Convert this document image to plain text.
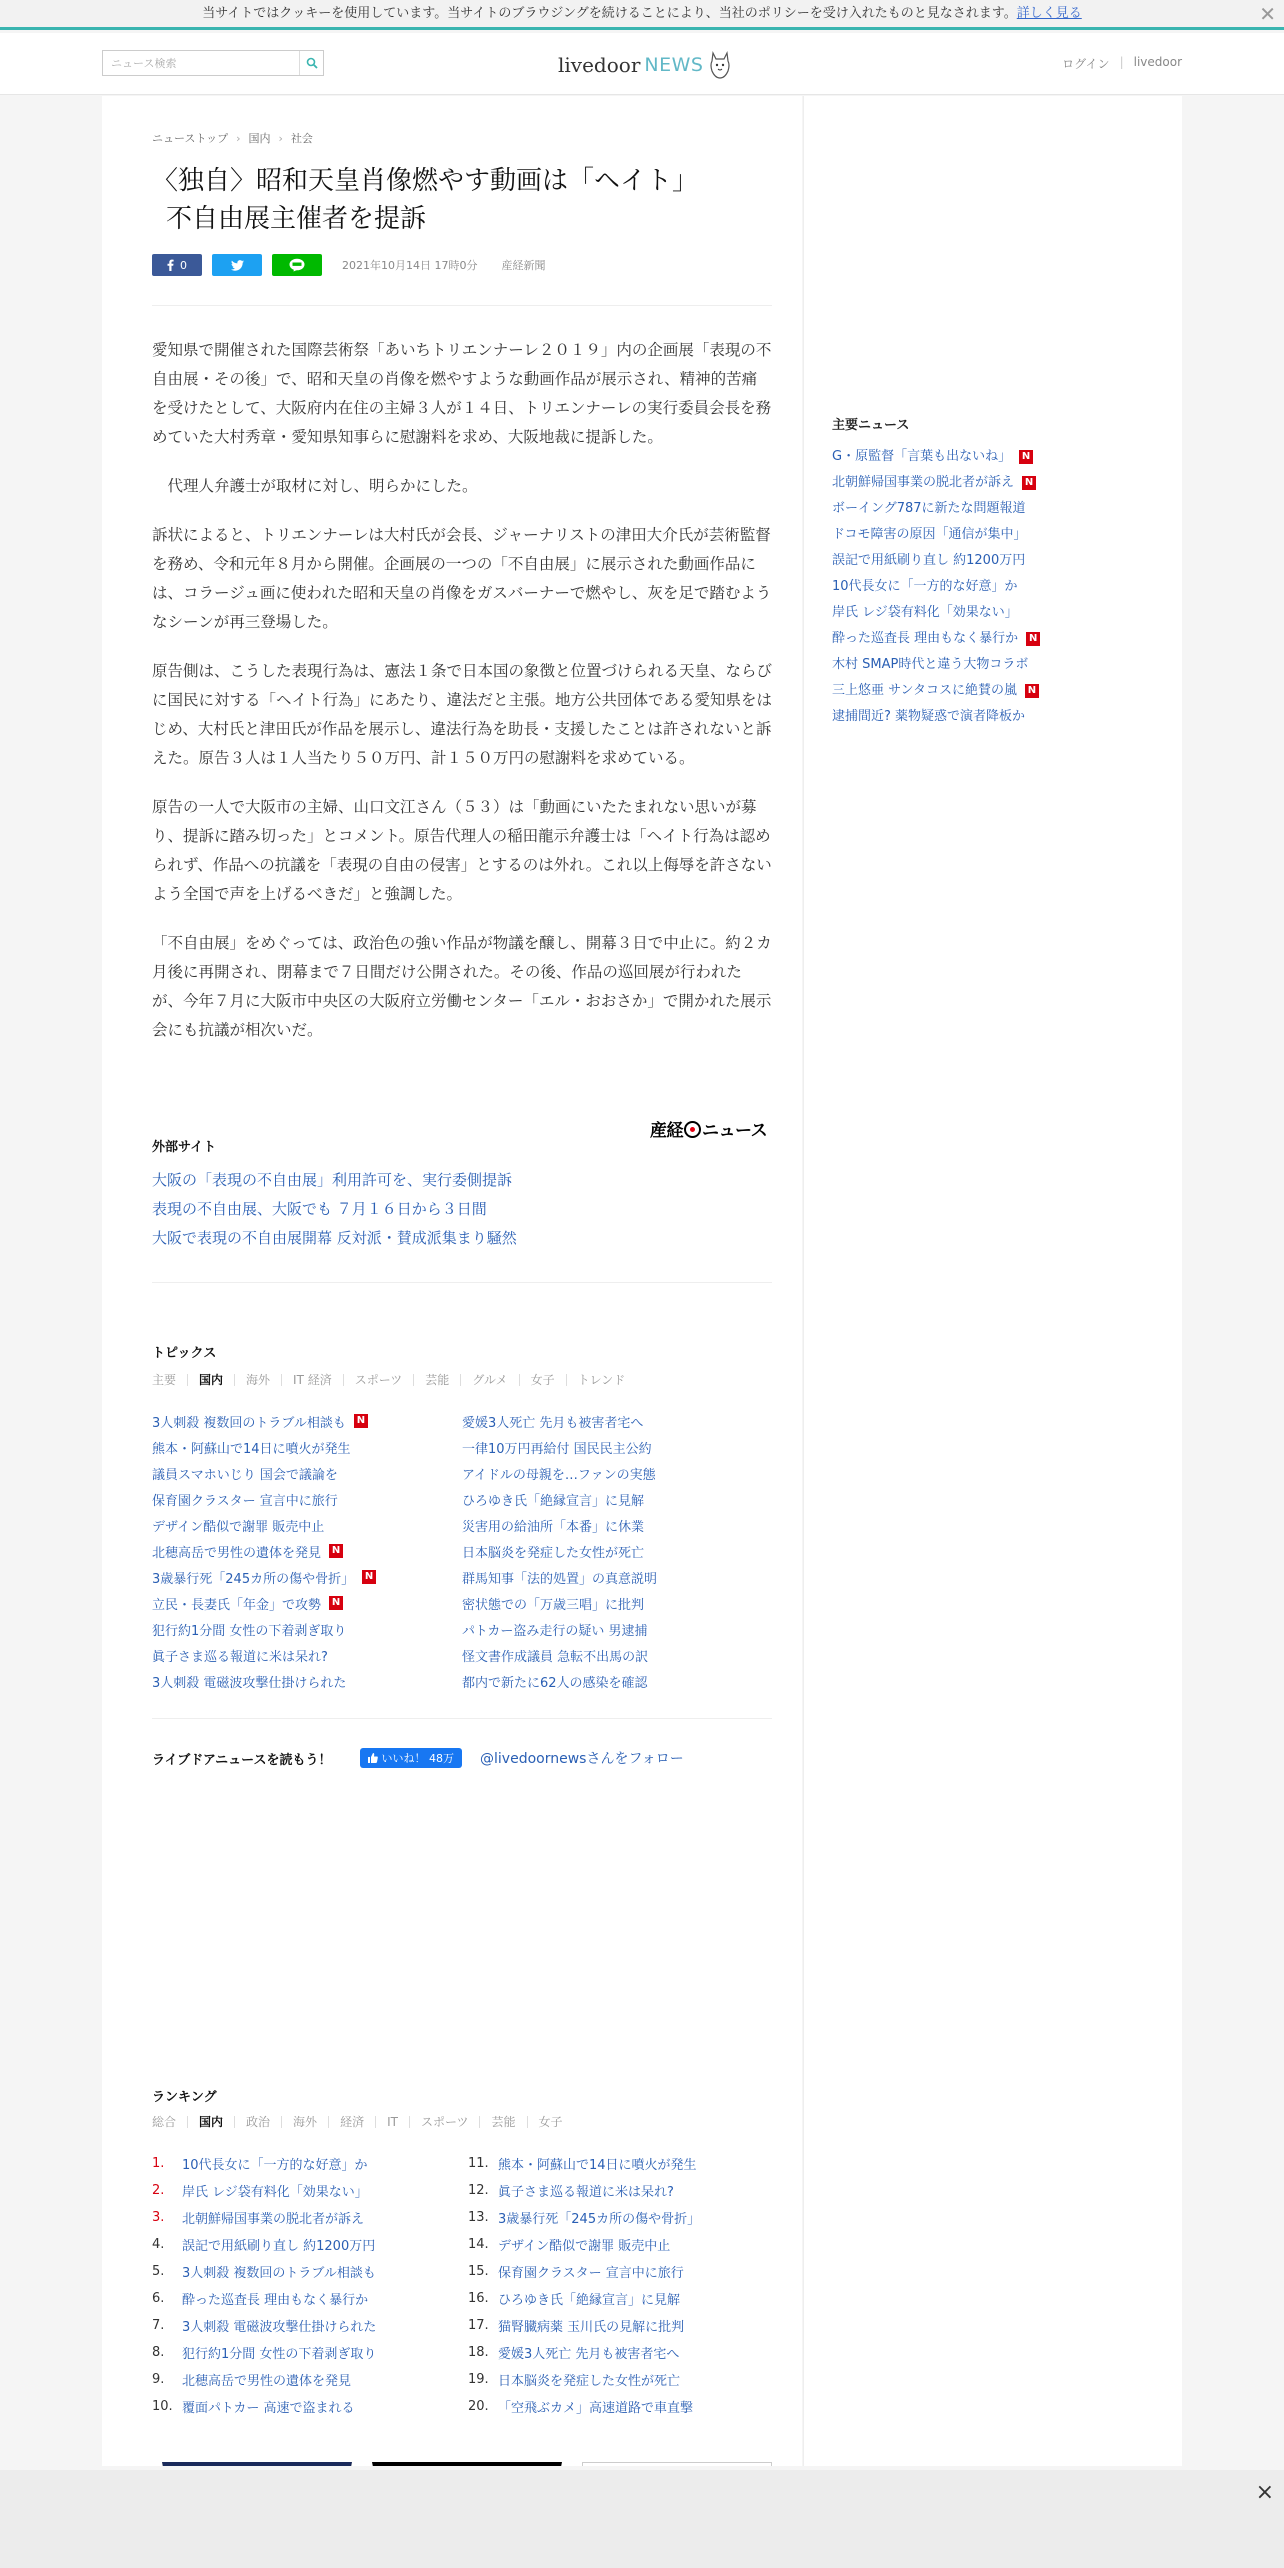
当サイトではクッキーを使用しています。当サイトのブラウジングを続けることにより、当社のポリシーを受け入れたものと見なされます。詳しく見る	✕
ニュース検索
livedoor NEWS	ログイン | livedoor
ニューストップ › 国内 › 社会
〈独自〉昭和天皇肖像燃やす動画は「ヘイト」
不自由展主催者を提訴
0	2021年10月14日 17時0分 産経新聞

愛知県で開催された国際芸術祭「あいちトリエンナーレ２０１９」内の企画展「表現の不自由展・その後」で、昭和天皇の肖像を燃やすような動画作品が展示され、精神的苦痛を受けたとして、大阪府内在住の主婦３人が１４日、トリエンナーレの実行委員会長を務めていた大村秀章・愛知県知事らに慰謝料を求め、大阪地裁に提訴した。

　代理人弁護士が取材に対し、明らかにした。

訴状によると、トリエンナーレは大村氏が会長、ジャーナリストの津田大介氏が芸術監督を務め、令和元年８月から開催。企画展の一つの「不自由展」に展示された動画作品には、コラージュ画に使われた昭和天皇の肖像をガスバーナーで燃やし、灰を足で踏むようなシーンが再三登場した。

原告側は、こうした表現行為は、憲法１条で日本国の象徴と位置づけられる天皇、ならびに国民に対する「ヘイト行為」にあたり、違法だと主張。地方公共団体である愛知県をはじめ、大村氏と津田氏が作品を展示し、違法行為を助長・支援したことは許されないと訴えた。原告３人は１人当たり５０万円、計１５０万円の慰謝料を求めている。

原告の一人で大阪市の主婦、山口文江さん（５３）は「動画にいたたまれない思いが募り、提訴に踏み切った」とコメント。原告代理人の稲田龍示弁護士は「ヘイト行為は認められず、作品への抗議を「表現の自由の侵害」とするのは外れ。これ以上侮辱を許さないよう全国で声を上げるべきだ」と強調した。

「不自由展」をめぐっては、政治色の強い作品が物議を醸し、開幕３日で中止に。約２カ月後に再開され、閉幕まで７日間だけ公開された。その後、作品の巡回展が行われたが、今年７月に大阪市中央区の大阪府立労働センター「エル・おおさか」で開かれた展示会にも抗議が相次いだ。

産経 ニュース
外部サイト
大阪の「表現の不自由展」利用許可を、実行委側提訴
表現の不自由展、大阪でも ７月１６日から３日間
大阪で表現の不自由展開幕 反対派・賛成派集まり騒然
トピックス
主要	国内	海外	IT 経済	スポーツ	芸能	グルメ	女子	トレンド
3人刺殺 複数回のトラブル相談も N	愛媛3人死亡 先月も被害者宅へ
熊本・阿蘇山で14日に噴火が発生	一律10万円再給付 国民民主公約
議員スマホいじり 国会で議論を	アイドルの母親を…ファンの実態
保育園クラスター 宣言中に旅行	ひろゆき氏「絶縁宣言」に見解
デザイン酷似で謝罪 販売中止	災害用の給油所「本番」に休業
北穂高岳で男性の遺体を発見 N	日本脳炎を発症した女性が死亡
3歳暴行死「245カ所の傷や骨折」 N	群馬知事「法的処置」の真意説明
立民・長妻氏「年金」で攻勢 N	密状態での「万歳三唱」に批判
犯行約1分間 女性の下着剥ぎ取り	パトカー盗み走行の疑い 男逮捕
眞子さま巡る報道に米は呆れ?	怪文書作成議員 急転不出馬の訳
3人刺殺 電磁波攻撃仕掛けられた	都内で新たに62人の感染を確認
ライブドアニュースを読もう！	いいね！ 48万 @livedoornewsさんをフォロー
ランキング
総合	国内	政治	海外	経済	IT	スポーツ	芸能	女子
1.	10代長女に「一方的な好意」か
2.	岸氏 レジ袋有料化「効果ない」
3.	北朝鮮帰国事業の脱北者が訴え
4.	誤記で用紙刷り直し 約1200万円
5.	3人刺殺 複数回のトラブル相談も
6.	酔った巡査長 理由もなく暴行か
7.	3人刺殺 電磁波攻撃仕掛けられた
8.	犯行約1分間 女性の下着剥ぎ取り
9.	北穂高岳で男性の遺体を発見
10. 覆面パトカー 高速で盗まれる
11. 熊本・阿蘇山で14日に噴火が発生
12. 眞子さま巡る報道に米は呆れ?
13. 3歳暴行死「245カ所の傷や骨折」
14. デザイン酷似で謝罪 販売中止
15. 保育園クラスター 宣言中に旅行
16. ひろゆき氏「絶縁宣言」に見解
17. 猫腎臓病薬 玉川氏の見解に批判
18. 愛媛3人死亡 先月も被害者宅へ
19. 日本脳炎を発症した女性が死亡
20. 「空飛ぶカメ」高速道路で車直撃
主要ニュース
G・原監督「言葉も出ないね」 N
北朝鮮帰国事業の脱北者が訴え N
ボーイング787に新たな問題報道
ドコモ障害の原因「通信が集中」
誤記で用紙刷り直し 約1200万円
10代長女に「一方的な好意」か
岸氏 レジ袋有料化「効果ない」
酔った巡査長 理由もなく暴行か N
木村 SMAP時代と違う大物コラボ
三上悠亜 サンタコスに絶賛の嵐 N
逮捕間近? 薬物疑惑で演者降板か
×
